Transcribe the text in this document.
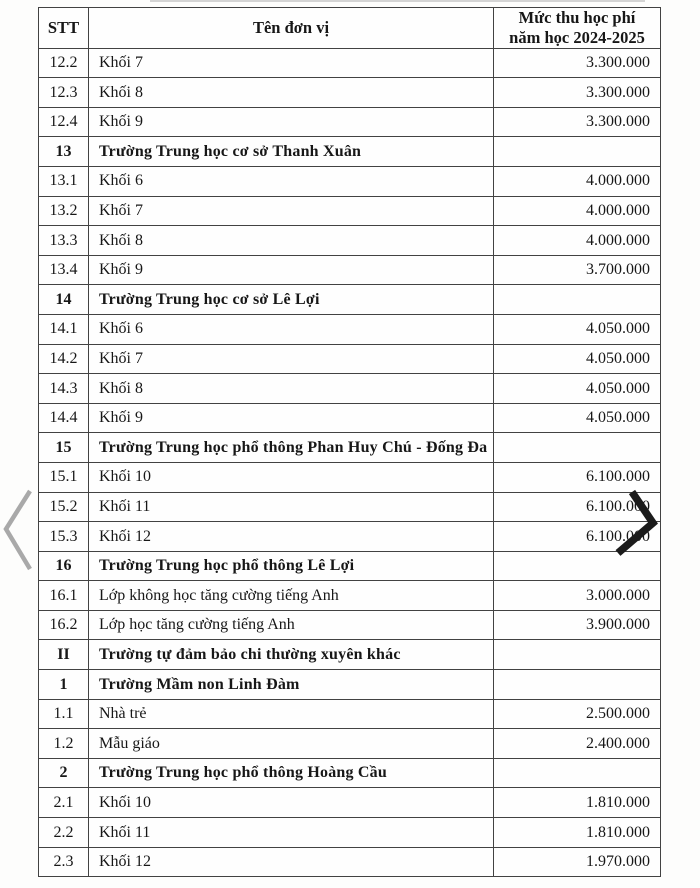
STT	Tên đơn vị	Mức thu học phí
năm học 2024-2025

12.2	Khối 7	3.300.000
12.3	Khối 8	3.300.000
12.4	Khối 9	3.300.000
13	Trường Trung học cơ sở Thanh Xuân	
13.1	Khối 6	4.000.000
13.2	Khối 7	4.000.000
13.3	Khối 8	4.000.000
13.4	Khối 9	3.700.000
14	Trường Trung học cơ sở Lê Lợi	
14.1	Khối 6	4.050.000
14.2	Khối 7	4.050.000
14.3	Khối 8	4.050.000
14.4	Khối 9	4.050.000
15	Trường Trung học phổ thông Phan Huy Chú - Đống Đa	
15.1	Khối 10	6.100.000
15.2	Khối 11	6.100.000
15.3	Khối 12	6.100.000
16	Trường Trung học phổ thông Lê Lợi	
16.1	Lớp không học tăng cường tiếng Anh	3.000.000
16.2	Lớp học tăng cường tiếng Anh	3.900.000
II	Trường tự đảm bảo chi thường xuyên khác	
1	Trường Mầm non Linh Đàm	
1.1	Nhà trẻ	2.500.000
1.2	Mẫu giáo	2.400.000
2	Trường Trung học phổ thông Hoàng Cầu	
2.1	Khối 10	1.810.000
2.2	Khối 11	1.810.000
2.3	Khối 12	1.970.000
